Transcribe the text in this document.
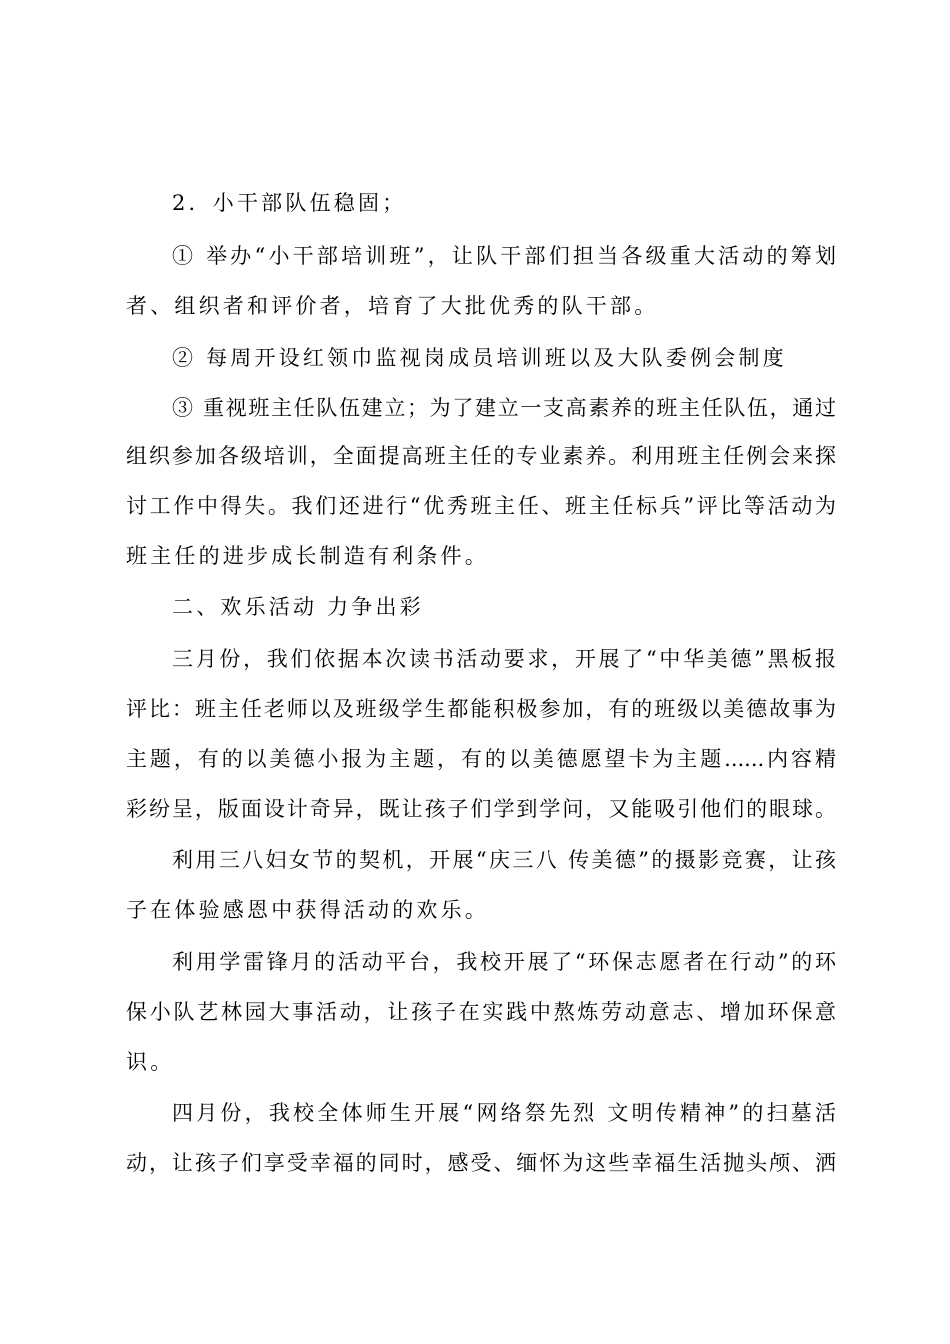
2．小干部队伍稳固；
① 举办“小干部培训班”，让队干部们担当各级重大活动的筹划
者、组织者和评价者，培育了大批优秀的队干部。
② 每周开设红领巾监视岗成员培训班以及大队委例会制度
③ 重视班主任队伍建立；为了建立一支高素养的班主任队伍，通过
组织参加各级培训，全面提高班主任的专业素养。利用班主任例会来探
讨工作中得失。我们还进行“优秀班主任、班主任标兵”评比等活动为
班主任的进步成长制造有利条件。
二、欢乐活动 力争出彩
三月份，我们依据本次读书活动要求，开展了“中华美德”黑板报
评比：班主任老师以及班级学生都能积极参加，有的班级以美德故事为
主题，有的以美德小报为主题，有的以美德愿望卡为主题......内容精
彩纷呈，版面设计奇异，既让孩子们学到学问，又能吸引他们的眼球。
利用三八妇女节的契机，开展“庆三八 传美德”的摄影竞赛，让孩
子在体验感恩中获得活动的欢乐。
利用学雷锋月的活动平台，我校开展了“环保志愿者在行动”的环
保小队艺林园大事活动，让孩子在实践中熬炼劳动意志、增加环保意
识。
四月份，我校全体师生开展“网络祭先烈 文明传精神”的扫墓活
动，让孩子们享受幸福的同时，感受、缅怀为这些幸福生活抛头颅、洒
